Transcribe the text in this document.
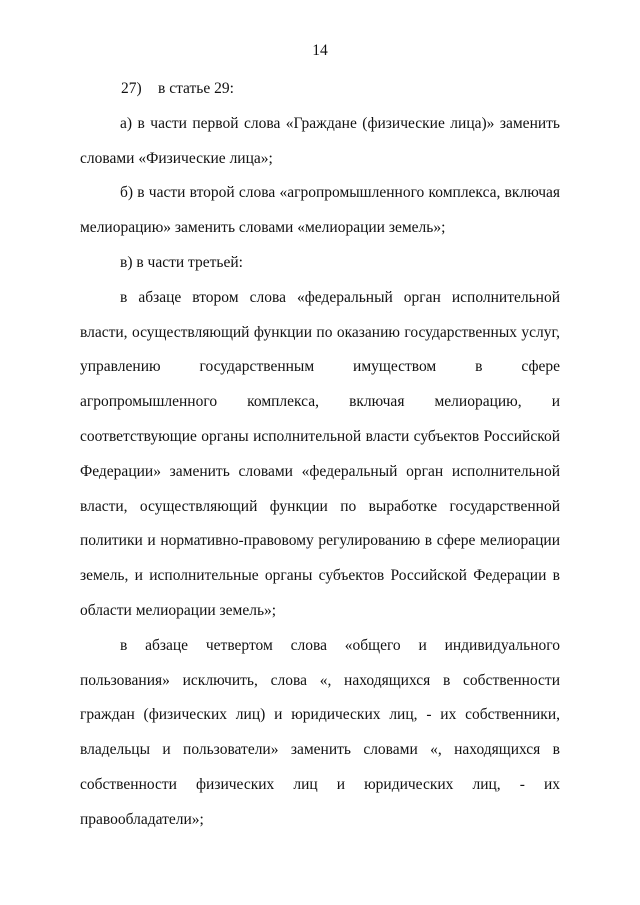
14

27) в статье 29:

а) в части первой слова «Граждане (физические лица)» заменить словами «Физические лица»;

б) в части второй слова «агропромышленного комплекса, включая мелиорацию» заменить словами «мелиорации земель»;

в) в части третьей:

в абзаце втором слова «федеральный орган исполнительной власти, осуществляющий функции по оказанию государственных услуг, управлению государственным имуществом в сфере агропромышленного комплекса, включая мелиорацию, и соответствующие органы исполнительной власти субъектов Российской Федерации» заменить словами «федеральный орган исполнительной власти, осуществляющий функции по выработке государственной политики и нормативно-правовому регулированию в сфере мелиорации земель, и исполнительные органы субъектов Российской Федерации в области мелиорации земель»;

в абзаце четвертом слова «общего и индивидуального пользования» исключить, слова «, находящихся в собственности граждан (физических лиц) и юридических лиц, - их собственники, владельцы и пользователи» заменить словами «, находящихся в собственности физических лиц и юридических лиц, - их правообладатели»;
